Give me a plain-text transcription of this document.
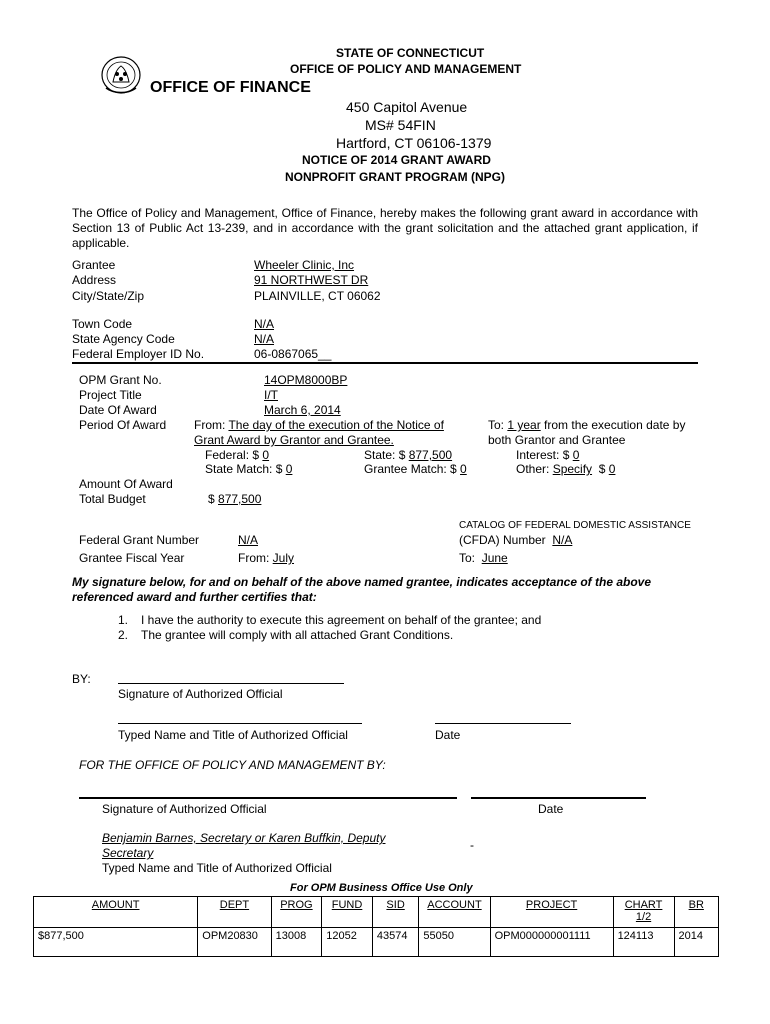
STATE OF CONNECTICUT
OFFICE OF POLICY AND MANAGEMENT
OFFICE OF FINANCE
450 Capitol Avenue
MS# 54FIN
Hartford, CT 06106-1379
NOTICE OF 2014 GRANT AWARD
NONPROFIT GRANT PROGRAM (NPG)
The Office of Policy and Management, Office of Finance, hereby makes the following grant award in accordance with Section 13 of Public Act 13-239, and in accordance with the grant solicitation and the attached grant application, if applicable.
Grantee	Wheeler Clinic, Inc
Address	91 NORTHWEST DR
City/State/Zip	PLAINVILLE, CT 06062
Town Code	N/A
State Agency Code	N/A
Federal Employer ID No.	06-0867065__
OPM Grant No.	14OPM8000BP
Project Title	I/T
Date Of Award	March 6, 2014
Period Of Award From: The day of the execution of the Notice of
Grant Award by Grantor and Grantee.
To: 1 year from the execution date by
both Grantor and Grantee
Federal: $ 0	State: $ 877,500	Interest: $ 0
State Match: $ 0	Grantee Match: $ 0	Other: Specify  $ 0
Amount Of Award
Total Budget	$ 877,500
CATALOG OF FEDERAL DOMESTIC ASSISTANCE
Federal Grant Number	N/A	(CFDA) Number  N/A
Grantee Fiscal Year	From: July	To:  June
My signature below, for and on behalf of the above named grantee, indicates acceptance of the above referenced award and further certifies that:
1. I have the authority to execute this agreement on behalf of the grantee; and
2. The grantee will comply with all attached Grant Conditions.
BY:
Signature of Authorized Official
Typed Name and Title of Authorized Official	Date
FOR THE OFFICE OF POLICY AND MANAGEMENT BY:
Signature of Authorized Official	Date
Benjamin Barnes, Secretary or Karen Buffkin, Deputy
Secretary
-
Typed Name and Title of Authorized Official
For OPM Business Office Use Only
AMOUNT	DEPT	PROG	FUND	SID	ACCOUNT	PROJECT	CHART 1/2	BR
$877,500	OPM20830	13008	12052	43574	55050	OPM000000001111	124113	2014
